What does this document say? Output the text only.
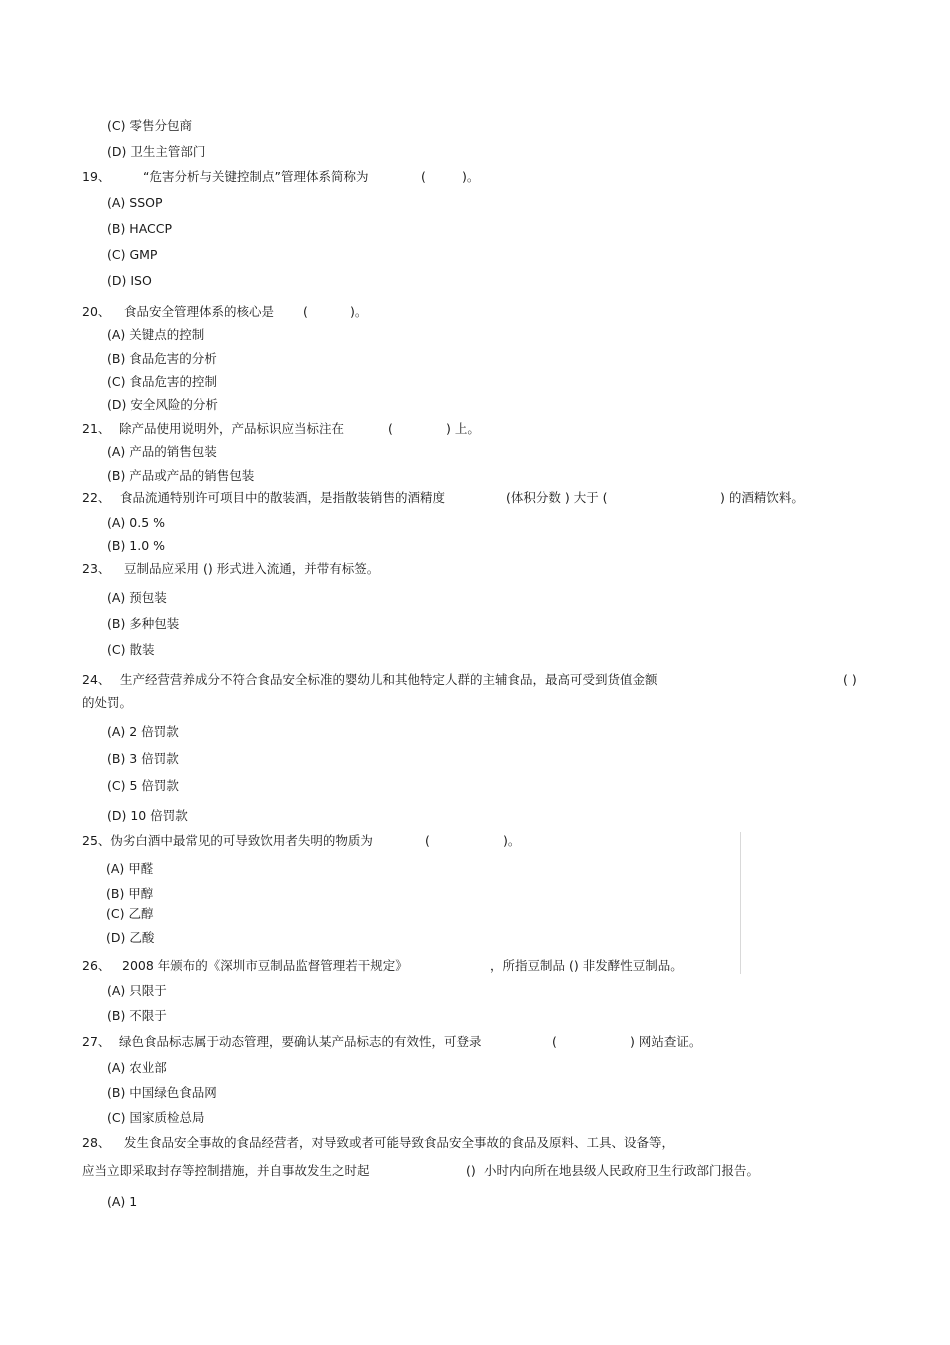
(C) 零售分包商
(D) 卫生主管部门
19、	“危害分析与关键控制点”管理体系简称为	(	)。
(A) SSOP
(B) HACCP
(C) GMP
(D) ISO
20、 食品安全管理体系的核心是 (	)。
(A) 关键点的控制
(B) 食品危害的分析
(C) 食品危害的控制
(D) 安全风险的分析
21、 除产品使用说明外，产品标识应当标注在	(	) 上。
(A) 产品的销售包装
(B) 产品或产品的销售包装
22、 食品流通特别许可项目中的散装酒，是指散装销售的酒精度	(体积分数 ) 大于 (	) 的酒精饮料。
(A) 0.5 %
(B) 1.0 %
23、 豆制品应采用 () 形式进入流通，并带有标签。
(A) 预包装
(B) 多种包装
(C) 散装
24、 生产经营营养成分不符合食品安全标准的婴幼儿和其他特定人群的主辅食品，最高可受到货值金额	( )
的处罚。
(A) 2 倍罚款
(B) 3 倍罚款
(C) 5 倍罚款
(D) 10 倍罚款
25、伪劣白酒中最常见的可导致饮用者失明的物质为	(	)。
(A) 甲醛
(B) 甲醇
(C) 乙醇
(D) 乙酸
26、 2008 年颁布的《深圳市豆制品监督管理若干规定》	，所指豆制品 () 非发酵性豆制品。
(A) 只限于
(B) 不限于
27、 绿色食品标志属于动态管理，要确认某产品标志的有效性，可登录	(	) 网站查证。
(A) 农业部
(B) 中国绿色食品网
(C) 国家质检总局
28、 发生食品安全事故的食品经营者，对导致或者可能导致食品安全事故的食品及原料、工具、设备等，
应当立即采取封存等控制措施，并自事故发生之时起	() 小时内向所在地县级人民政府卫生行政部门报告。
(A) 1
